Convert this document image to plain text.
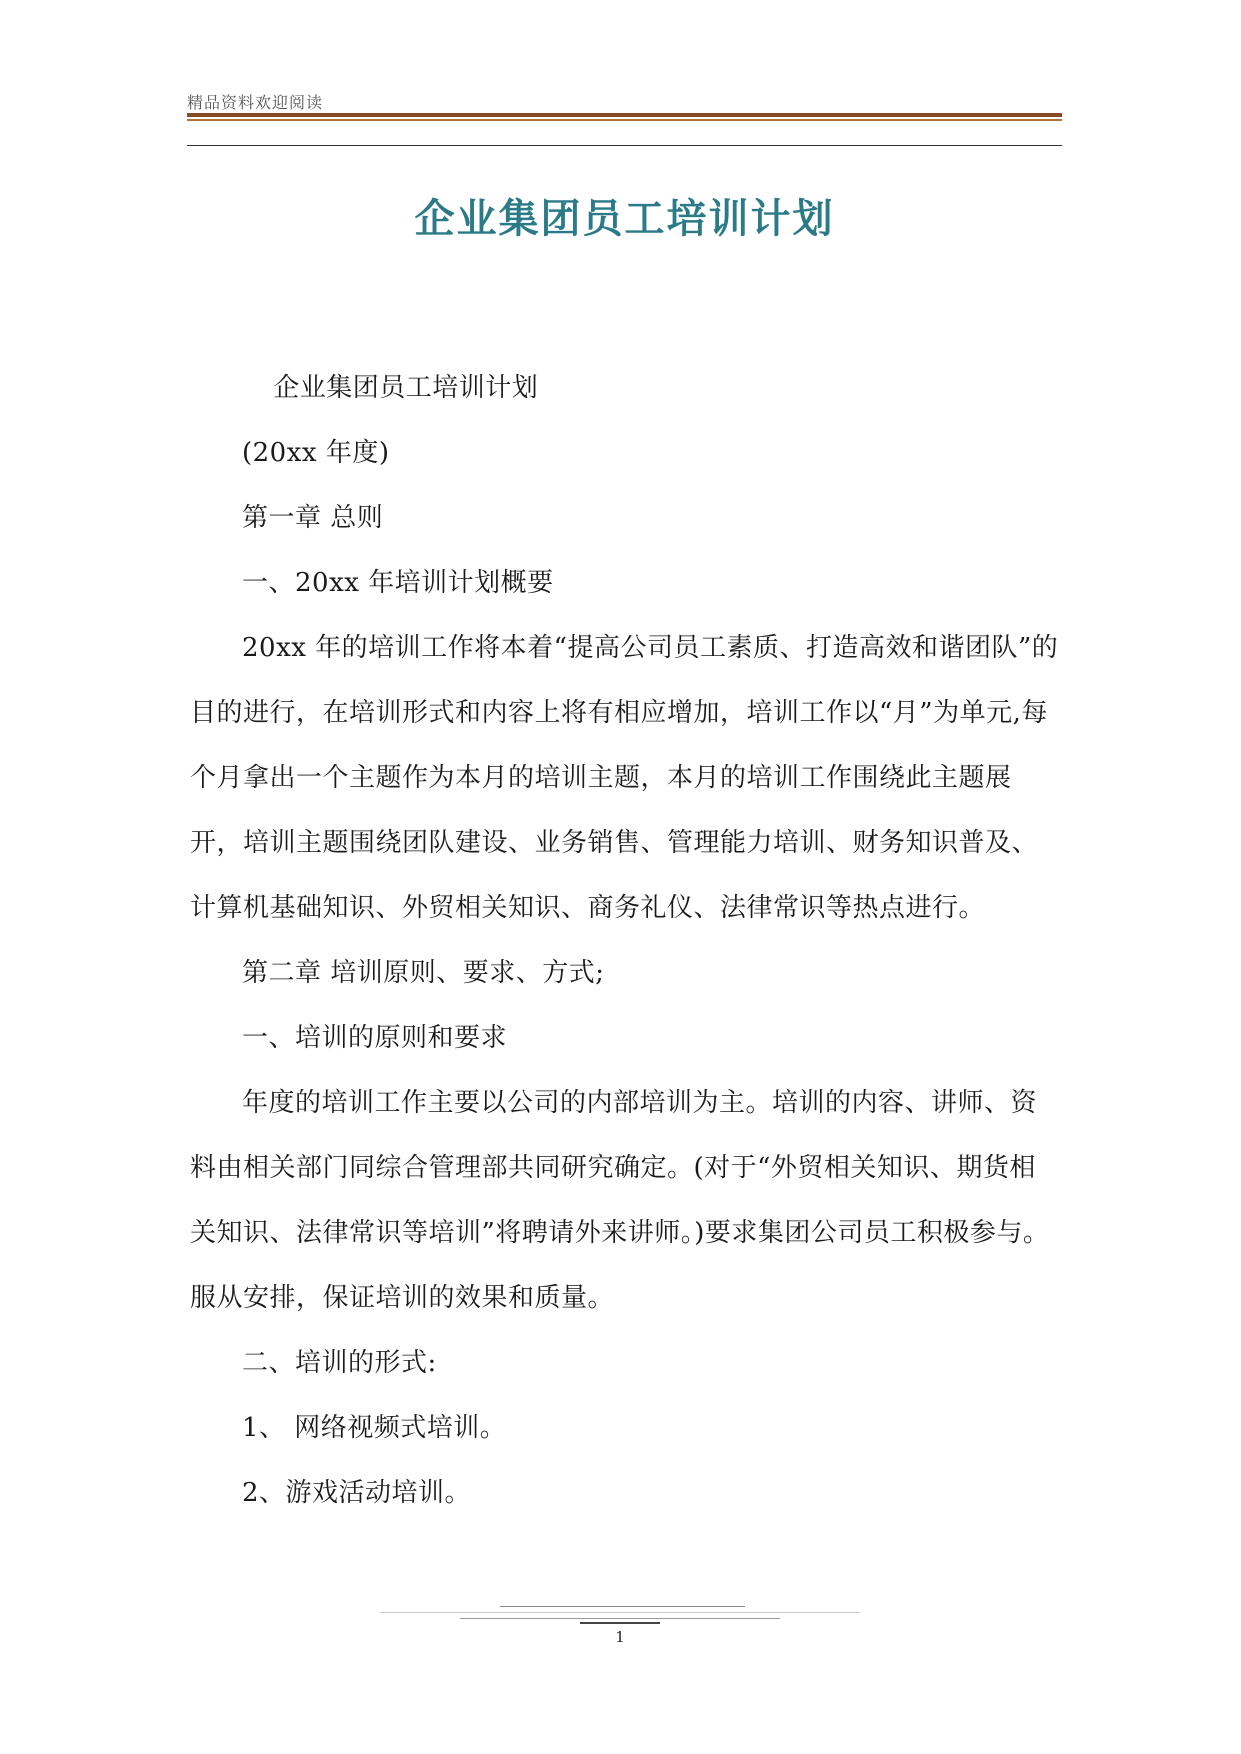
精品资料欢迎阅读
企业集团员工培训计划

企业集团员工培训计划

(20xx 年度)

第一章 总则

一、20xx 年培训计划概要

20xx 年的培训工作将本着“提高公司员工素质、打造高效和谐团队”的目的进行，在培训形式和内容上将有相应增加，培训工作以“月”为单元,每个月拿出一个主题作为本月的培训主题，本月的培训工作围绕此主题展开，培训主题围绕团队建设、业务销售、管理能力培训、财务知识普及、计算机基础知识、外贸相关知识、商务礼仪、法律常识等热点进行。

第二章 培训原则、要求、方式;

一、培训的原则和要求

年度的培训工作主要以公司的内部培训为主。培训的内容、讲师、资料由相关部门同综合管理部共同研究确定。(对于“外贸相关知识、期货相关知识、法律常识等培训”将聘请外来讲师。)要求集团公司员工积极参与。服从安排，保证培训的效果和质量。

二、培训的形式:

1、 网络视频式培训。

2、游戏活动培训。

1
